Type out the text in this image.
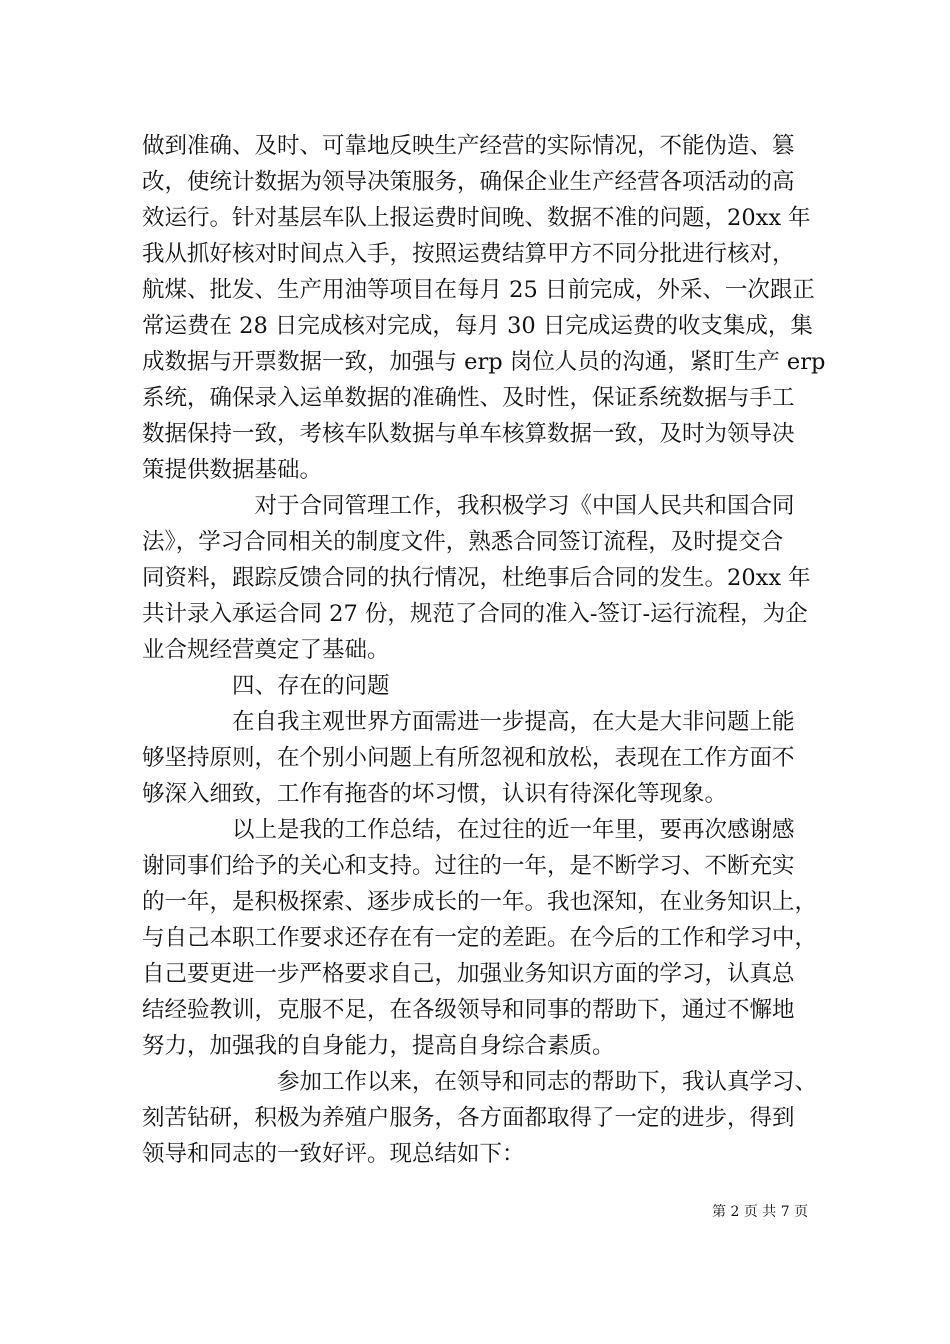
做到准确、及时、可靠地反映生产经营的实际情况，不能伪造、篡
改，使统计数据为领导决策服务，确保企业生产经营各项活动的高
效运行。针对基层车队上报运费时间晚、数据不准的问题，20xx 年
我从抓好核对时间点入手，按照运费结算甲方不同分批进行核对，
航煤、批发、生产用油等项目在每月 25 日前完成，外采、一次跟正
常运费在 28 日完成核对完成，每月 30 日完成运费的收支集成，集
成数据与开票数据一致，加强与 erp 岗位人员的沟通，紧盯生产 erp
系统，确保录入运单数据的准确性、及时性，保证系统数据与手工
数据保持一致，考核车队数据与单车核算数据一致，及时为领导决
策提供数据基础。
　　　　　对于合同管理工作，我积极学习《中国人民共和国合同
法》，学习合同相关的制度文件，熟悉合同签订流程，及时提交合
同资料，跟踪反馈合同的执行情况，杜绝事后合同的发生。20xx 年
共计录入承运合同 27 份，规范了合同的准入-签订-运行流程，为企
业合规经营奠定了基础。
　　　　四、存在的问题
　　　　在自我主观世界方面需进一步提高，在大是大非问题上能
够坚持原则，在个别小问题上有所忽视和放松，表现在工作方面不
够深入细致，工作有拖沓的坏习惯，认识有待深化等现象。
　　　　以上是我的工作总结，在过往的近一年里，要再次感谢感
谢同事们给予的关心和支持。过往的一年，是不断学习、不断充实
的一年，是积极探索、逐步成长的一年。我也深知，在业务知识上，
与自己本职工作要求还存在有一定的差距。在今后的工作和学习中，
自己要更进一步严格要求自己，加强业务知识方面的学习，认真总
结经验教训，克服不足，在各级领导和同事的帮助下，通过不懈地
努力，加强我的自身能力，提高自身综合素质。
　　　　　　参加工作以来，在领导和同志的帮助下，我认真学习、
刻苦钻研，积极为养殖户服务，各方面都取得了一定的进步，得到
领导和同志的一致好评。现总结如下：
第 2 页 共 7 页
